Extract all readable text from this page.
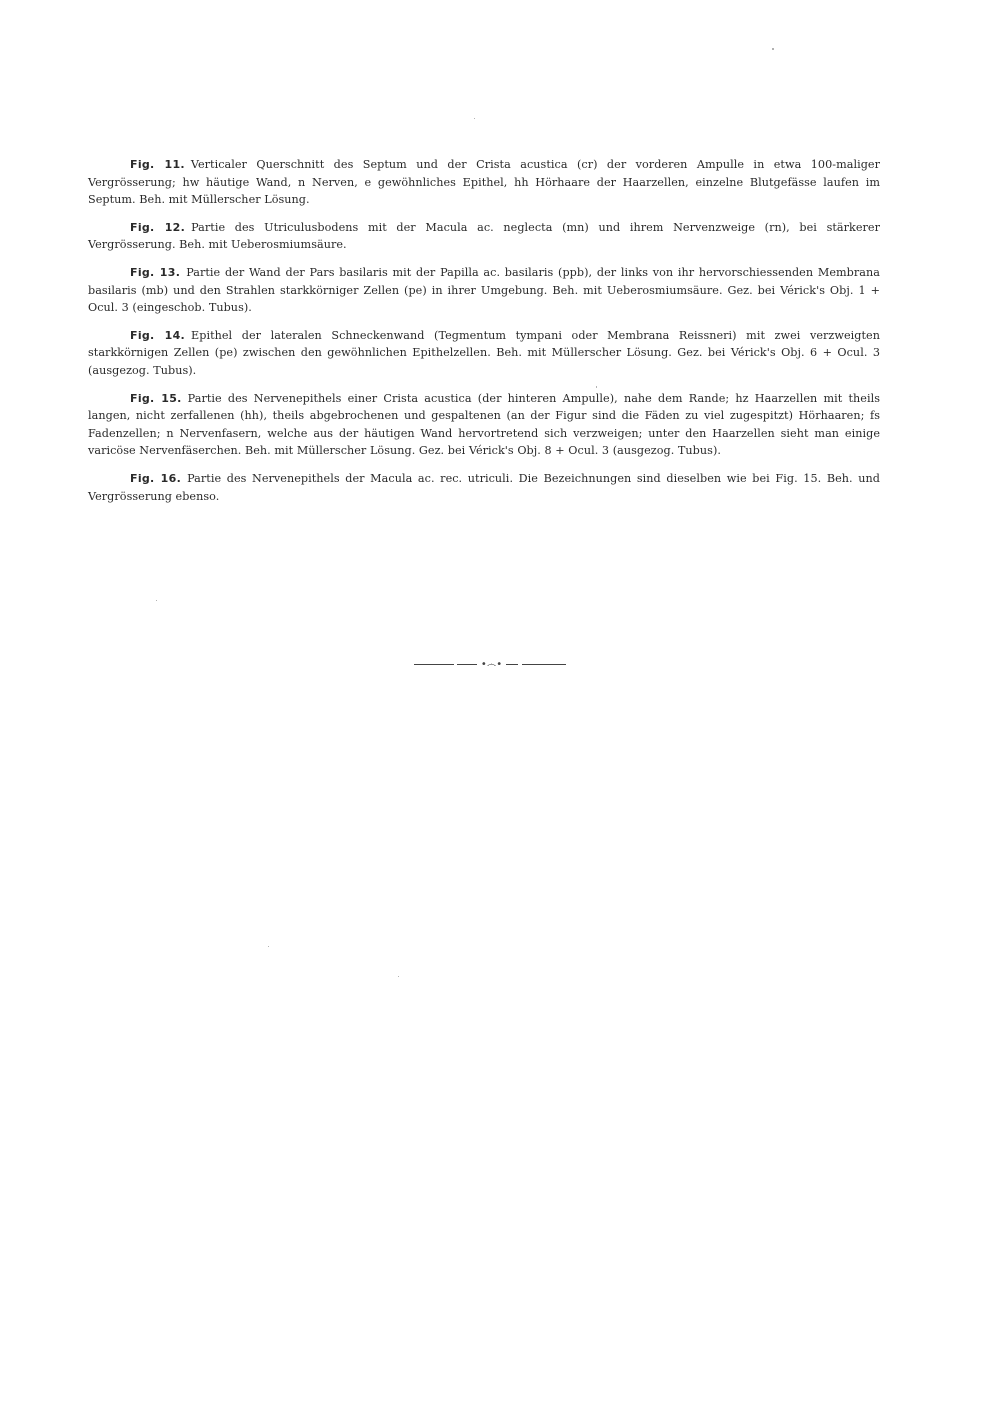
Fig. 11. Verticaler Querschnitt des Septum und der Crista acustica (cr) der vorderen Ampulle in etwa 100-maliger Vergrösserung; hw häutige Wand, n Nerven, e gewöhnliches Epithel, hh Hörhaare der Haarzellen, einzelne Blutgefässe laufen im Septum. Beh. mit Müllerscher Lösung.

Fig. 12. Partie des Utriculusbodens mit der Macula ac. neglecta (mn) und ihrem Nervenzweige (rn), bei stärkerer Vergrösserung. Beh. mit Ueberosmiumsäure.

Fig. 13. Partie der Wand der Pars basilaris mit der Papilla ac. basilaris (ppb), der links von ihr hervorschiessenden Membrana basilaris (mb) und den Strahlen starkkörniger Zellen (pe) in ihrer Umgebung. Beh. mit Ueberosmiumsäure. Gez. bei Vérick's Obj. 1 + Ocul. 3 (eingeschob. Tubus).

Fig. 14. Epithel der lateralen Schneckenwand (Tegmentum tympani oder Membrana Reissneri) mit zwei verzweigten starkkörnigen Zellen (pe) zwischen den gewöhnlichen Epithelzellen. Beh. mit Müllerscher Lösung. Gez. bei Vérick's Obj. 6 + Ocul. 3 (ausgezog. Tubus).

Fig. 15. Partie des Nervenepithels einer Crista acustica (der hinteren Ampulle), nahe dem Rande; hz Haarzellen mit theils langen, nicht zerfallenen (hh), theils abgebrochenen und gespaltenen (an der Figur sind die Fäden zu viel zugespitzt) Hörhaaren; fs Fadenzellen; n Nervenfasern, welche aus der häutigen Wand hervortretend sich verzweigen; unter den Haarzellen sieht man einige varicöse Nervenfäserchen. Beh. mit Müllerscher Lösung. Gez. bei Vérick's Obj. 8 + Ocul. 3 (ausgezog. Tubus).

Fig. 16. Partie des Nervenepithels der Macula ac. rec. utriculi. Die Bezeichnungen sind dieselben wie bei Fig. 15. Beh. und Vergrösserung ebenso.

•෴•
